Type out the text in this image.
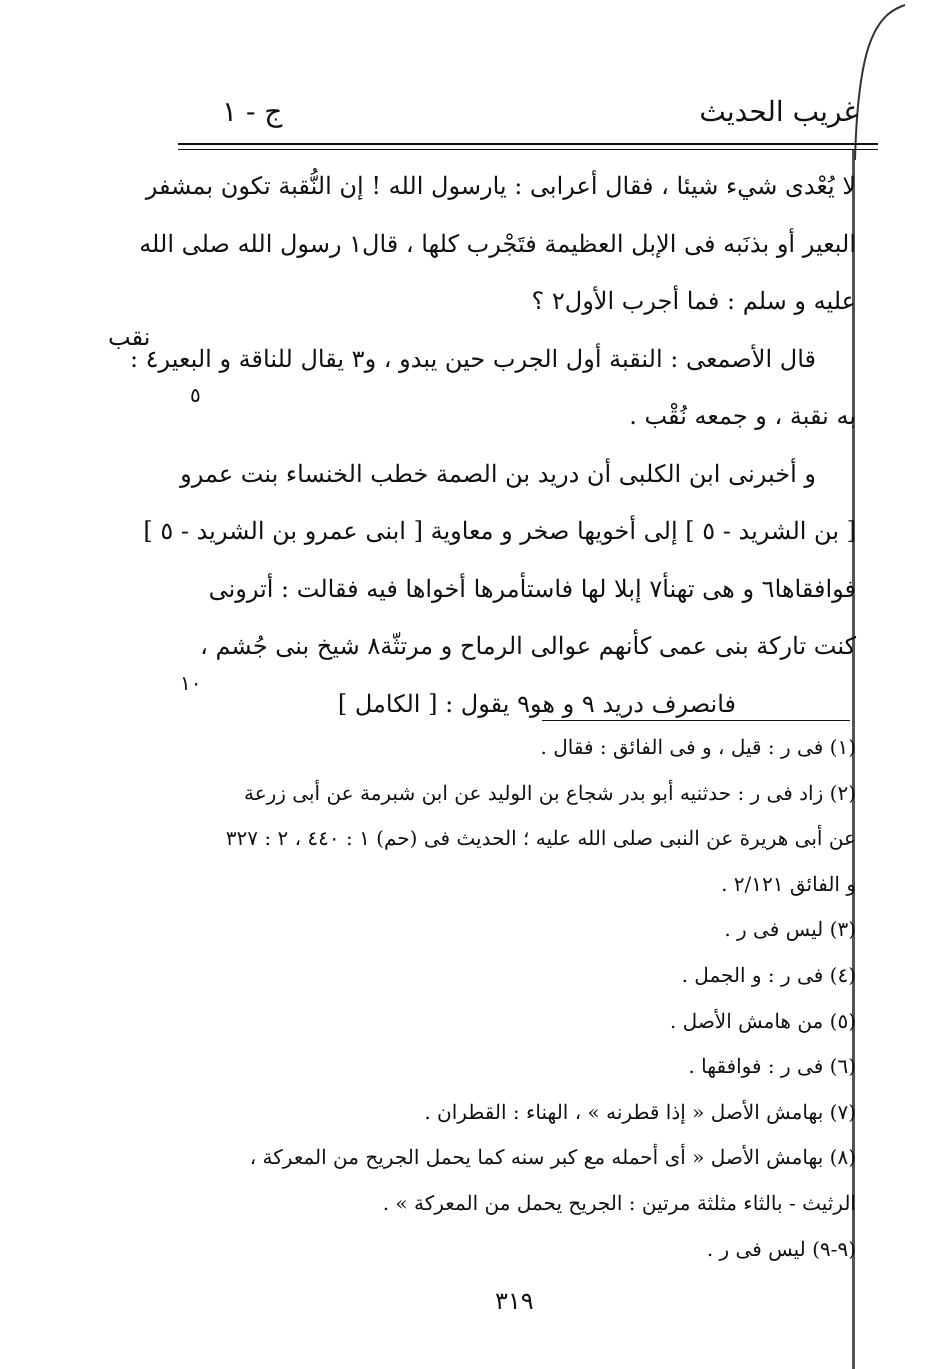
غريب الحديث
ج - ١
نقب
٥
١٠
لا يُعْدى شيء شيئا ، فقال أعرابى : يارسول الله ! إن النُّقبة تكون بمشفر
البعير أو بذنَبه فى الإبل العظيمة فتَجْرب كلها ، قال١ رسول الله صلى الله
عليه و سلم : فما أجرب الأول٢ ؟
قال الأصمعى : النقبة أول الجرب حين يبدو ، و٣ يقال للناقة و البعير٤ :
به نقبة ، و جمعه نُقْب .
و أخبرنى ابن الكلبى أن دريد بن الصمة خطب الخنساء بنت عمرو
[ بن الشريد - ٥ ] إلى أخويها صخر و معاوية [ ابنى عمرو بن الشريد - ٥ ]
فوافقاها٦ و هى تهنأ٧ إبلا لها فاستأمرها أخواها فيه فقالت : أترونى
كنت تاركة بنى عمى كأنهم عوالى الرماح و مرتثّة٨ شيخ بنى جُشم ،
فانصرف دريد ٩ و هو٩ يقول : [ الكامل ]
(١) فى ر : قيل ، و فى الفائق : فقال .
(٢) زاد فى ر : حدثنيه أبو بدر شجاع بن الوليد عن ابن شبرمة عن أبى زرعة
عن أبى هريرة عن النبى صلى الله عليه ؛ الحديث فى (حم) ١ : ٤٤٠ ، ٢ : ٣٢٧
و الفائق ٢/١٢١ .
(٣) ليس فى ر .
(٤) فى ر : و الجمل .
(٥) من هامش الأصل .
(٦) فى ر : فوافقها .
(٧) بهامش الأصل « إذا قطرنه » ، الهناء : القطران .
(٨) بهامش الأصل « أى أحمله مع كبر سنه كما يحمل الجريح من المعركة ،
الرثيث - بالثاء مثلثة مرتين : الجريح يحمل من المعركة » .
(٩-٩) ليس فى ر .
٣١٩
